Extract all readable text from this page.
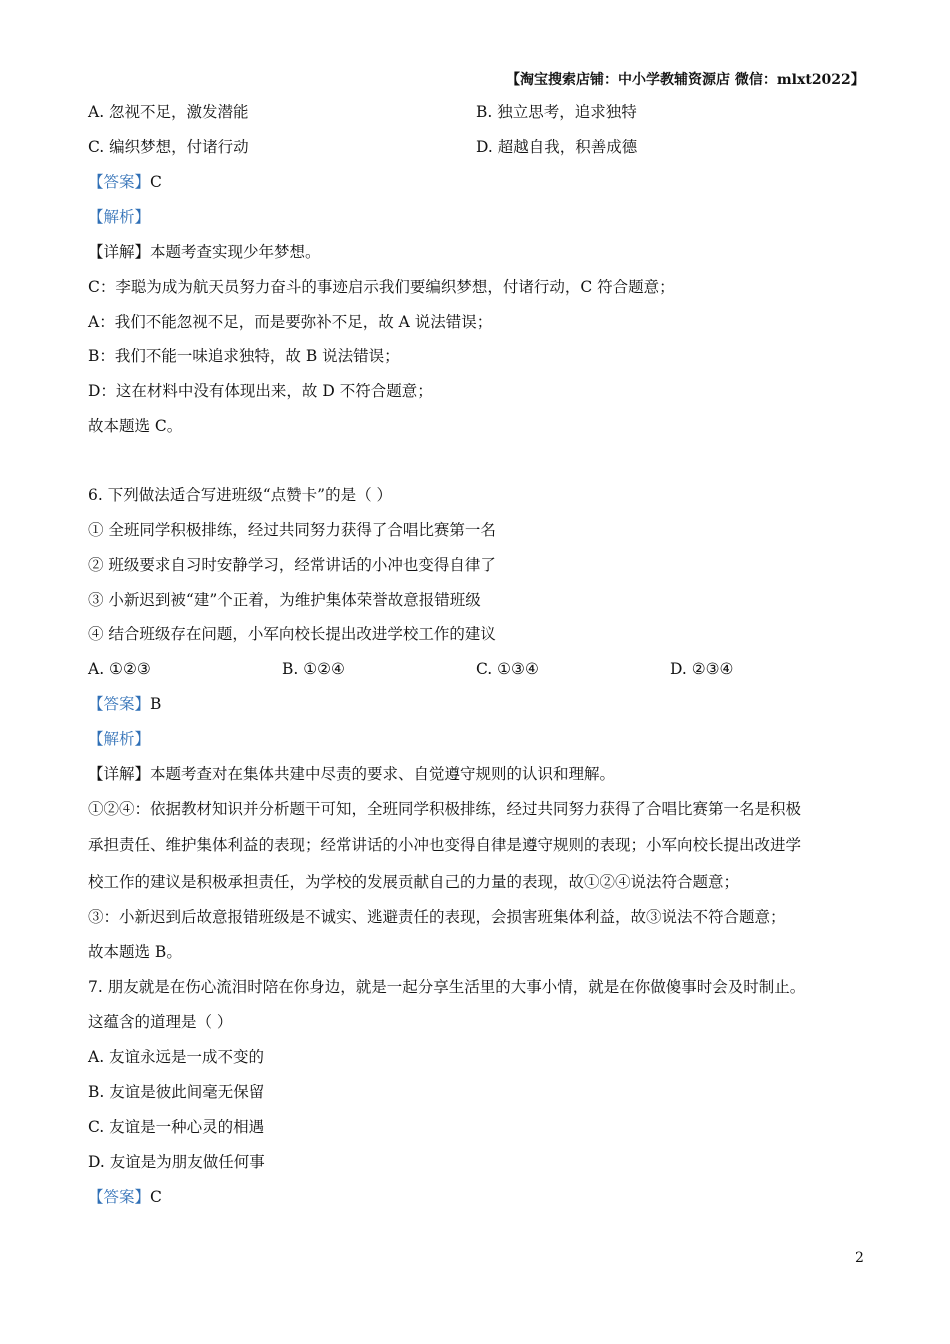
【淘宝搜索店铺：中小学教辅资源店 微信：mlxt2022】
A. 忽视不足，激发潜能	B. 独立思考，追求独特
C. 编织梦想，付诸行动	D. 超越自我，积善成德
【答案】C
【解析】
【详解】本题考查实现少年梦想。
C：李聪为成为航天员努力奋斗的事迹启示我们要编织梦想，付诸行动，C 符合题意；
A：我们不能忽视不足，而是要弥补不足，故 A 说法错误；
B：我们不能一味追求独特，故 B 说法错误；
D：这在材料中没有体现出来，故 D 不符合题意；
故本题选 C。
6. 下列做法适合写进班级“点赞卡”的是（ ）
① 全班同学积极排练，经过共同努力获得了合唱比赛第一名
② 班级要求自习时安静学习，经常讲话的小冲也变得自律了
③ 小新迟到被“建”个正着，为维护集体荣誉故意报错班级
④ 结合班级存在问题，小军向校长提出改进学校工作的建议
A. ①②③	B. ①②④	C. ①③④	D. ②③④
【答案】B
【解析】
【详解】本题考查对在集体共建中尽责的要求、自觉遵守规则的认识和理解。
①②④：依据教材知识并分析题干可知，全班同学积极排练，经过共同努力获得了合唱比赛第一名是积极
承担责任、维护集体利益的表现；经常讲话的小冲也变得自律是遵守规则的表现；小军向校长提出改进学
校工作的建议是积极承担责任，为学校的发展贡献自己的力量的表现，故①②④说法符合题意；
③：小新迟到后故意报错班级是不诚实、逃避责任的表现，会损害班集体利益，故③说法不符合题意；
故本题选 B。
7. 朋友就是在伤心流泪时陪在你身边，就是一起分享生活里的大事小情，就是在你做傻事时会及时制止。
这蕴含的道理是（ ）
A. 友谊永远是一成不变的
B. 友谊是彼此间毫无保留
C. 友谊是一种心灵的相遇
D. 友谊是为朋友做任何事
【答案】C
2
